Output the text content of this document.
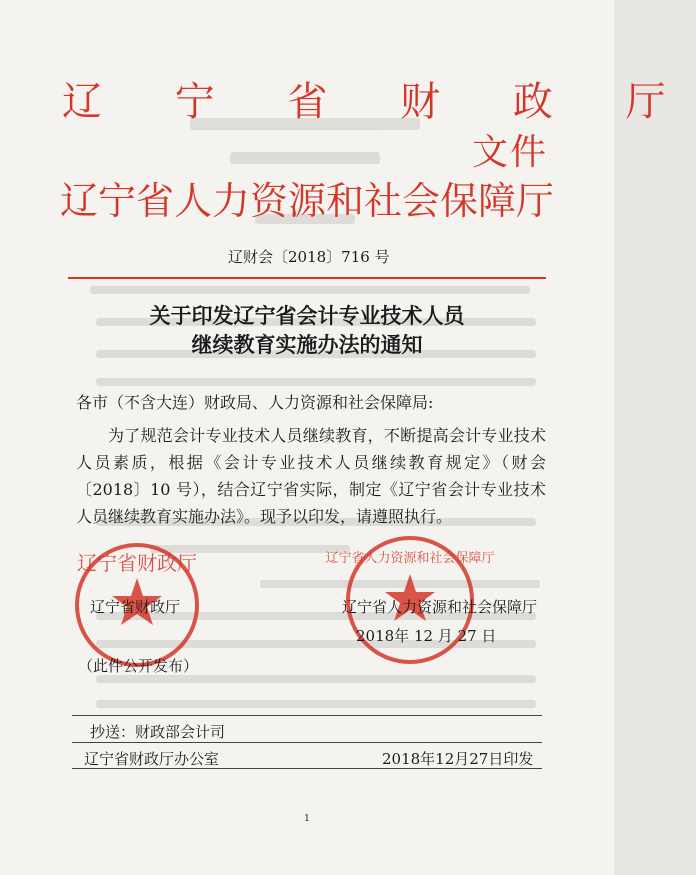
辽 宁 省 财 政 厅
文件
辽宁省人力资源和社会保障厅
辽财会〔2018〕716 号
关于印发辽宁省会计专业技术人员
继续教育实施办法的通知
各市（不含大连）财政局、人力资源和社会保障局:

为了规范会计专业技术人员继续教育，不断提高会计专业技术人员素质，根据《会计专业技术人员继续教育规定》（财会〔2018〕10 号），结合辽宁省实际，制定《辽宁省会计专业技术人员继续教育实施办法》。现予以印发，请遵照执行。

辽宁省财政厅	辽宁省人力资源和社会保障厅
辽宁省财政厅	辽宁省人力资源和社会保障厅
2018年 12 月 27 日
（此件公开发布）
抄送：财政部会计司
辽宁省财政厅办公室	2018年12月27日印发
1
